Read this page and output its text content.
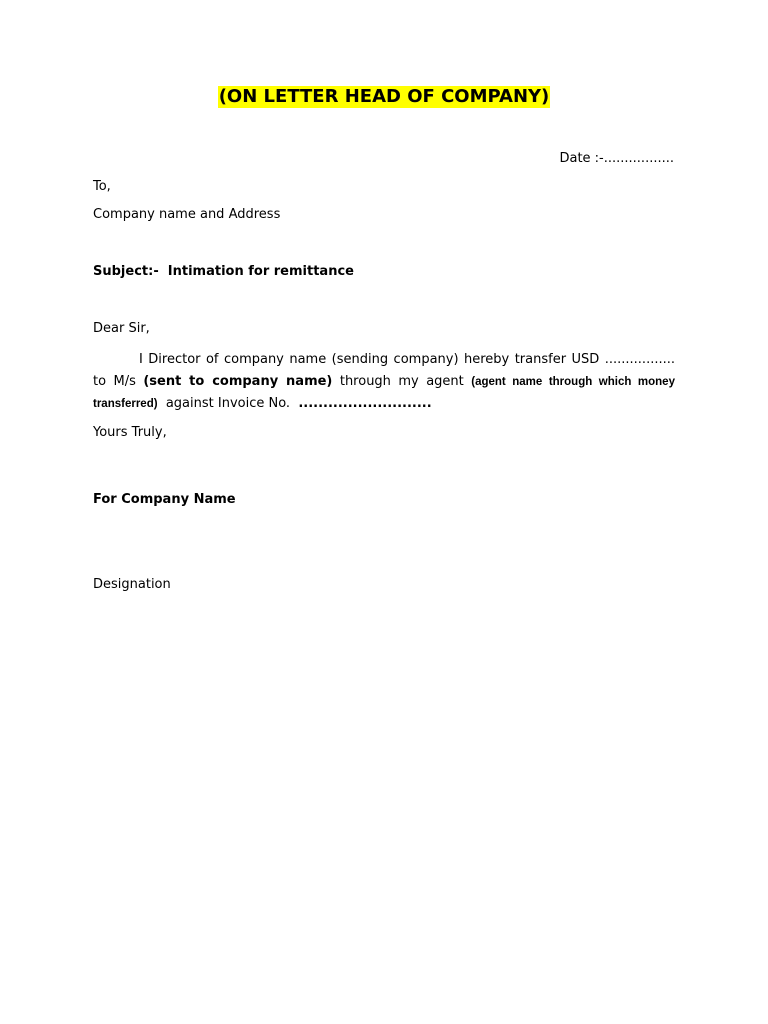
(ON LETTER HEAD OF COMPANY)
Date :-.................
To,
Company name and Address
Subject:- Intimation for remittance
Dear Sir,
I Director of company name (sending company) hereby transfer USD ................. to M/s (sent to company name) through my agent (agent name through which money transferred) against Invoice No. ...........................
Yours Truly,
For Company Name
Designation
